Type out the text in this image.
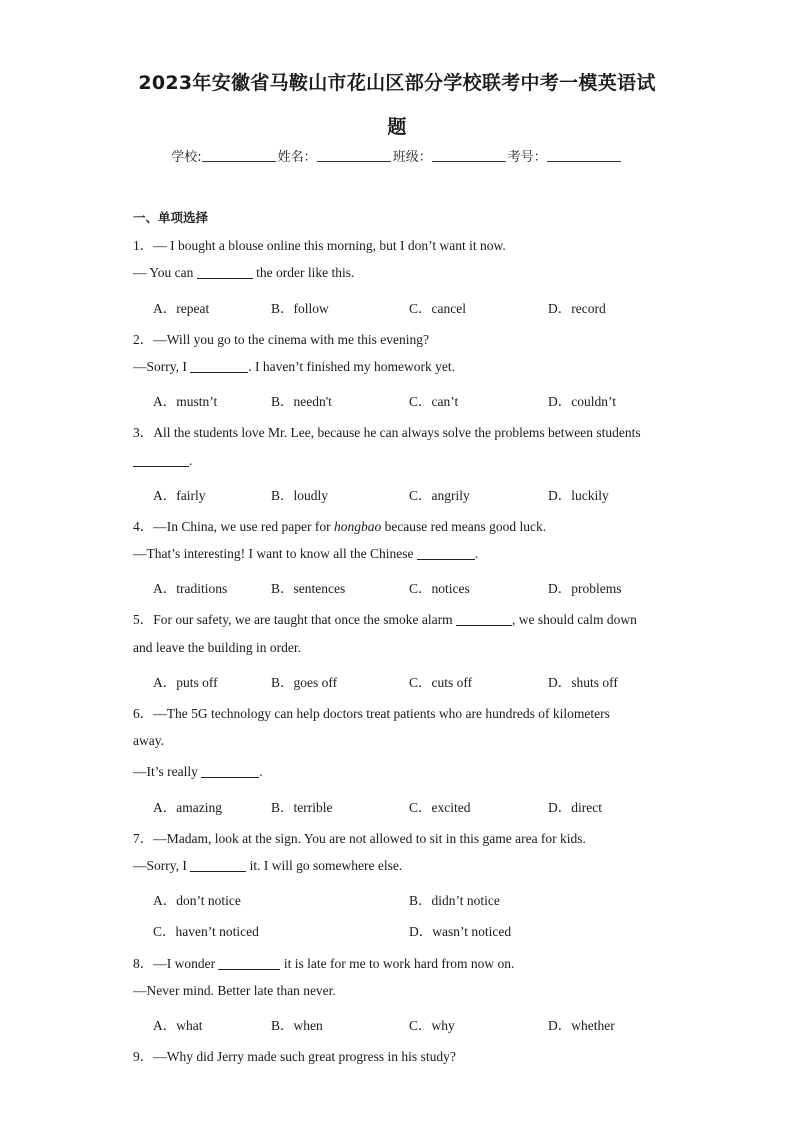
2023年安徽省马鞍山市花山区部分学校联考中考一模英语试
题
学校:	姓名：	班级：	考号：
一、单项选择
1．— I bought a blouse online this morning, but I don’t want it now.
— You can	the order like this.
A．repeat	B．follow	C．cancel	D．record
2．—Will you go to the cinema with me this evening?
—Sorry, I	. I haven’t finished my homework yet.
A．mustn’t	B．needn't	C．can’t	D．couldn’t
3．All the students love Mr. Lee, because he can always solve the problems between students
.
A．fairly	B．loudly	C．angrily	D．luckily
4．—In China, we use red paper for hongbao because red means good luck.
—That’s interesting! I want to know all the Chinese	.
A．traditions	B．sentences	C．notices	D．problems
5．For our safety, we are taught that once the smoke alarm	, we should calm down
and leave the building in order.
A．puts off	B．goes off	C．cuts off	D．shuts off
6．—The 5G technology can help doctors treat patients who are hundreds of kilometers
away.
—It’s really	.
A．amazing	B．terrible	C．excited	D．direct
7．—Madam, look at the sign. You are not allowed to sit in this game area for kids.
—Sorry, I	it. I will go somewhere else.
A．don’t notice	B．didn’t notice
C．haven’t noticed	D．wasn’t noticed
8．—I wonder	it is late for me to work hard from now on.
—Never mind. Better late than never.
A．what	B．when	C．why	D．whether
9．—Why did Jerry made such great progress in his study?
